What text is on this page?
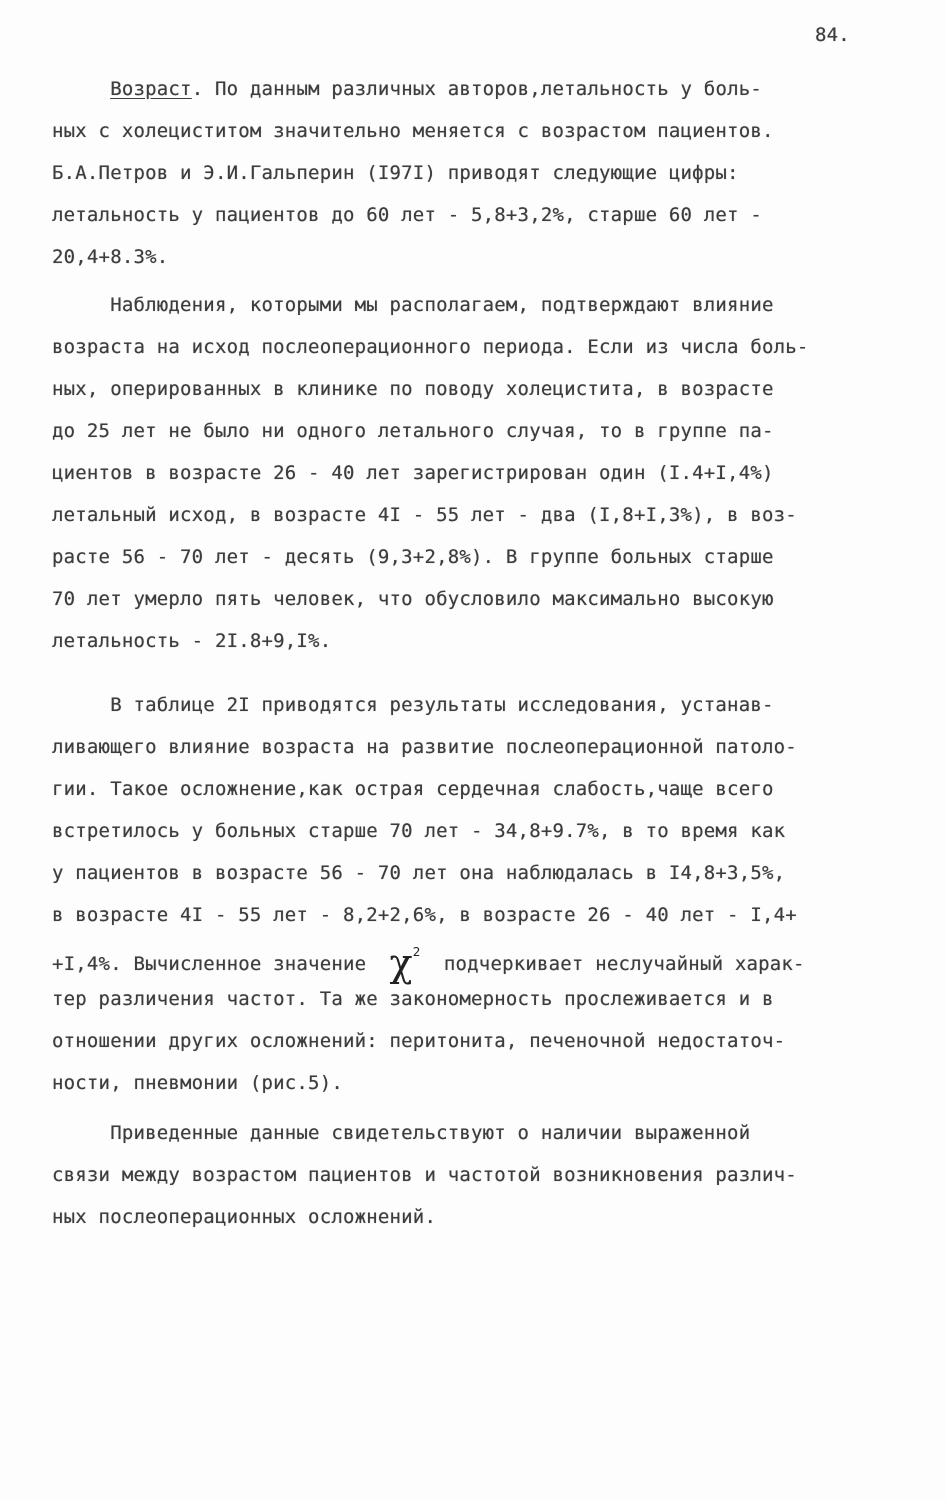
84.
Возраст. По данным различных авторов,летальность у боль-
ных с холециститом значительно меняется с возрастом пациентов.
Б.А.Петров и Э.И.Гальперин (I97I) приводят следующие цифры:
летальность у пациентов до 60 лет - 5,8+3,2%, старше 60 лет -
20,4+8.3%.
Наблюдения, которыми мы располагаем, подтверждают влияние
возраста на исход послеоперационного периода. Если из числа боль-
ных, оперированных в клинике по поводу холецистита, в возрасте
до 25 лет не было ни одного летального случая, то в группе па-
циентов в возрасте 26 - 40 лет зарегистрирован один (I.4+I,4%)
летальный исход, в возрасте 4I - 55 лет - два (I,8+I,3%), в воз-
расте 56 - 70 лет - десять (9,3+2,8%). В группе больных старше
70 лет умерло пять человек, что обусловило максимально высокую
летальность - 2I.8+9,I%.
В таблице 2I приводятся результаты исследования, устанав-
ливающего влияние возраста на развитие послеоперационной патоло-
гии. Такое осложнение,как острая сердечная слабость,чаще всего
встретилось у больных старше 70 лет - 34,8+9.7%, в то время как
у пациентов в возрасте 56 - 70 лет она наблюдалась в I4,8+3,5%,
в возрасте 4I - 55 лет - 8,2+2,6%, в возрасте 26 - 40 лет - I,4+
+I,4%. Вычисленное значение  $\chi^2$  подчеркивает неслучайный харак-
тер различения частот. Та же закономерность прослеживается и в
отношении других осложнений: перитонита, печеночной недостаточ-
ности, пневмонии (рис.5).
Приведенные данные свидетельствуют о наличии выраженной
связи между возрастом пациентов и частотой возникновения различ-
ных послеоперационных осложнений.
